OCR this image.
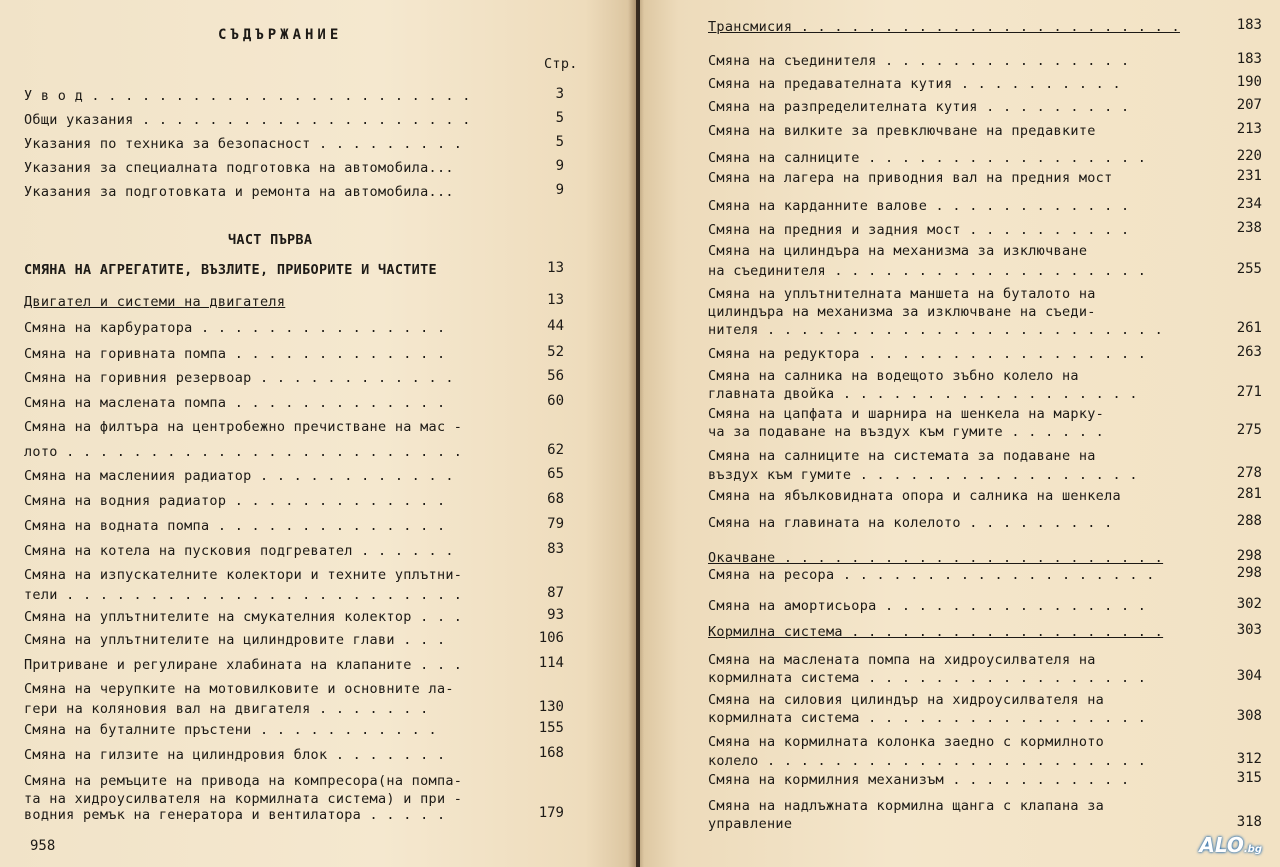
СЪДЪРЖАНИЕ
Стр.
У в о д . . . . . . . . . . . . . . . . . . . . . . .	3
Общи указания . . . . . . . . . . . . . . . . . . . .	5
Указания по техника за безопасност . . . . . . . . .	5
Указания за специалната подготовка на автомобила...	9
Указания за подготовката и ремонта на автомобила...	9
ЧАСТ ПЪРВА
СМЯНА НА АГРЕГАТИТЕ, ВЪЗЛИТЕ, ПРИБОРИТЕ И ЧАСТИТЕ	13
Двигател и системи на двигателя	13
Смяна на карбуратора . . . . . . . . . . . . . . .	44
Смяна на горивната помпа . . . . . . . . . . . . .	52
Смяна на горивния резервоар . . . . . . . . . . . .	56
Смяна на маслената помпа . . . . . . . . . . . . .	60
Смяна на филтъра на центробежно пречистване на мас -
лото . . . . . . . . . . . . . . . . . . . . . . . .	62
Смяна на маслениия радиатор . . . . . . . . . . . .	65
Смяна на водния радиатор . . . . . . . . . . . . .	68
Смяна на водната помпа . . . . . . . . . . . . . .	79
Смяна на котела на пусковия подгревател . . . . . .	83
Смяна на изпускателните колектори и техните уплътни-
тели . . . . . . . . . . . . . . . . . . . . . . . .	87
Смяна на уплътнителите на смукателния колектор . . .	93
Смяна на уплътнителите на цилиндровите глави . . .	106
Притриване и регулиране хлабината на клапаните . . .	114
Смяна на черупките на мотовилковите и основните ла-
гери на коляновия вал на двигателя . . . . . . .	130
Смяна на буталните пръстени . . . . . . . . . . .	155
Смяна на гилзите на цилиндровия блок . . . . . . .	168
Смяна на ремъците на привода на компресора(на помпа-
та на хидроусилвателя на кормилната система) и при -
водния ремък на генератора и вентилатора . . . . .	179
958
Трансмисия . . . . . . . . . . . . . . . . . . . . . . .	183
Смяна на съединителя . . . . . . . . . . . . . . .	183
Смяна на предавателната кутия . . . . . . . . . .	190
Смяна на разпределителната кутия . . . . . . . . .	207
Смяна на вилките за превключване на предавките	213
Смяна на салниците . . . . . . . . . . . . . . . . .	220
Смяна на лагера на приводния вал на предния мост	231
Смяна на карданните валове . . . . . . . . . . . .	234
Смяна на предния и задния мост . . . . . . . . . .	238
Смяна на цилиндъра на механизма за изключване
на съединителя . . . . . . . . . . . . . . . . . . .	255
Смяна на уплътнителната маншета на буталото на
цилиндъра на механизма за изключване на съеди-
нителя . . . . . . . . . . . . . . . . . . . . . . . .	261
Смяна на редуктора . . . . . . . . . . . . . . . . .	263
Смяна на салника на водещото зъбно колело на
главната двойка . . . . . . . . . . . . . . . . . .	271
Смяна на цапфата и шарнира на шенкела на марку-
ча за подаване на въздух към гумите . . . . . .	275
Смяна на салниците на системата за подаване на
въздух към гумите . . . . . . . . . . . . . . . . .	278
Смяна на ябълковидната опора и салника на шенкела	281
Смяна на главината на колелото . . . . . . . . .	288
Окачване . . . . . . . . . . . . . . . . . . . . . . .	298
Смяна на ресора . . . . . . . . . . . . . . . . . . .	298
Смяна на амортисьора . . . . . . . . . . . . . . . .	302
Кормилна система . . . . . . . . . . . . . . . . . . .	303
Смяна на масленатa помпа на хидроусилвателя на
кормилната система . . . . . . . . . . . . . . . . .	304
Смяна на силовия цилиндър на хидроусилвателя на
кормилната система . . . . . . . . . . . . . . . . .	308
Смяна на кормилната колонка заедно с кормилното
колело . . . . . . . . . . . . . . . . . . . . . . .	312
Смяна на кормилния механизъм . . . . . . . . . . .	315
Смяна на надлъжната кормилна щанга с клапана за
управление	318
ALO.bg
